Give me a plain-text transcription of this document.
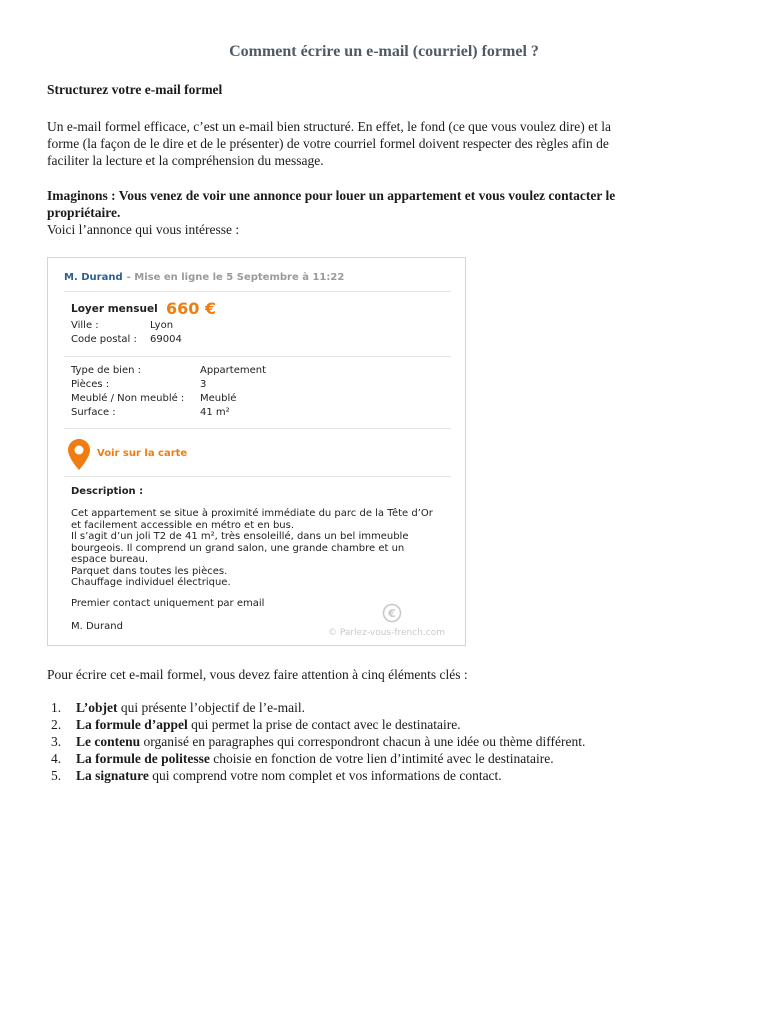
Comment écrire un e-mail (courriel) formel ?
Structurez votre e-mail formel
Un e-mail formel efficace, c’est un e-mail bien structuré. En effet, le fond (ce que vous voulez dire) et la
forme (la façon de le dire et de le présenter) de votre courriel formel doivent respecter des règles afin de
faciliter la lecture et la compréhension du message.
Imaginons : Vous venez de voir une annonce pour louer un appartement et vous voulez contacter le
propriétaire.
Voici l’annonce qui vous intéresse :
M. Durand - Mise en ligne le 5 Septembre à 11:22
Loyer mensuel 660 €
Ville :	Lyon
Code postal : 69004
Type de bien :	Appartement
Pièces :	3
Meublé / Non meublé : Meublé
Surface :	41 m²
Voir sur la carte
Description :
Cet appartement se situe à proximité immédiate du parc de la Tête d’Or
et facilement accessible en métro et en bus.
Il s’agit d’un joli T2 de 41 m², très ensoleillé, dans un bel immeuble
bourgeois. Il comprend un grand salon, une grande chambre et un
espace bureau.
Parquet dans toutes les pièces.
Chauffage individuel électrique.
Premier contact uniquement par email
M. Durand
€
© Parlez-vous-french.com
Pour écrire cet e-mail formel, vous devez faire attention à cinq éléments clés :
1. L’objet qui présente l’objectif de l’e-mail.
2. La formule d’appel qui permet la prise de contact avec le destinataire.
3. Le contenu organisé en paragraphes qui correspondront chacun à une idée ou thème différent.
4. La formule de politesse choisie en fonction de votre lien d’intimité avec le destinataire.
5. La signature qui comprend votre nom complet et vos informations de contact.
